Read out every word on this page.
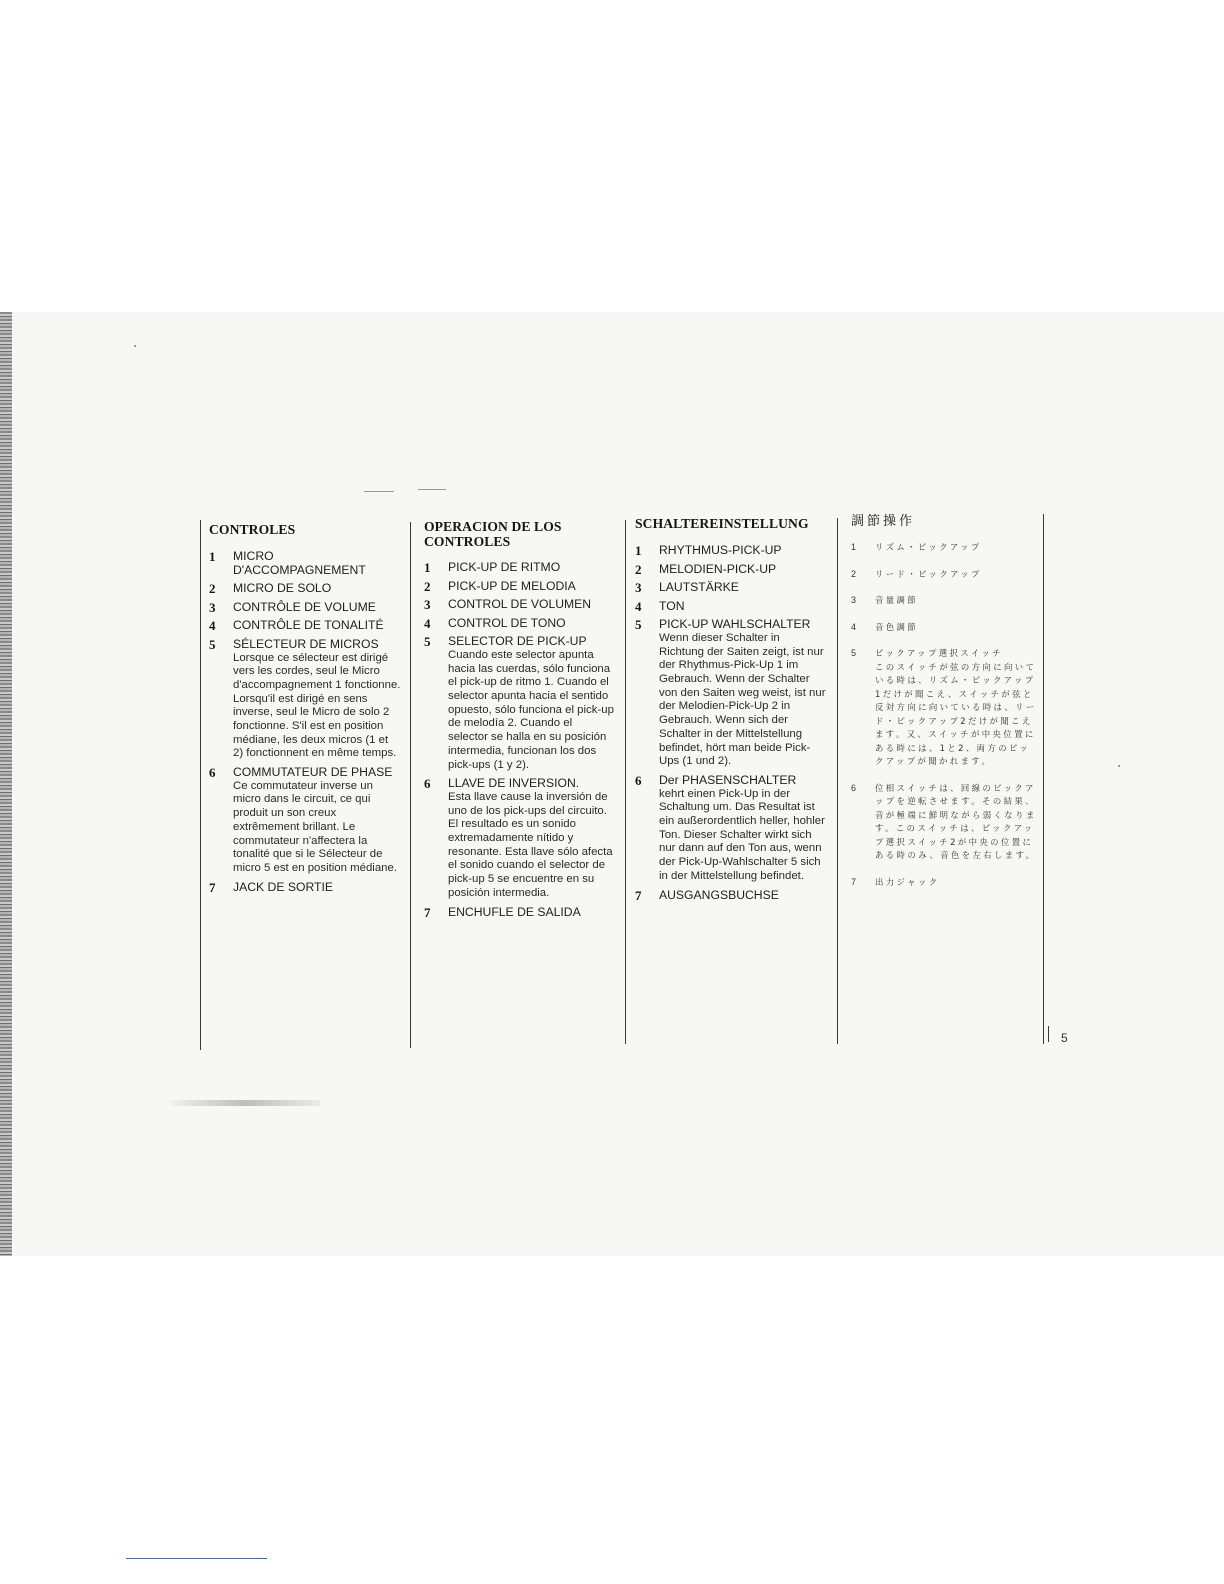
CONTROLES
1 MICRO D'ACCOMPAGNEMENT
2 MICRO DE SOLO
3 CONTRÔLE DE VOLUME
4 CONTRÔLE DE TONALITÉ
5 SÉLECTEUR DE MICROS
Lorsque ce sélecteur est dirigé vers les cordes, seul le Micro d'accompagnement 1 fonctionne. Lorsqu'il est dirigé en sens inverse, seul le Micro de solo 2 fonctionne. S'il est en position médiane, les deux micros (1 et 2) fonctionnent en même temps.
6 COMMUTATEUR DE PHASE
Ce commutateur inverse un micro dans le circuit, ce qui produit un son creux extrêmement brillant. Le commutateur n'affectera la tonalité que si le Sélecteur de micro 5 est en position médiane.
7 JACK DE SORTIE
OPERACION DE LOS CONTROLES
1 PICK-UP DE RITMO
2 PICK-UP DE MELODIA
3 CONTROL DE VOLUMEN
4 CONTROL DE TONO
5 SELECTOR DE PICK-UP
Cuando este selector apunta hacia las cuerdas, sólo funciona el pick-up de ritmo 1. Cuando el selector apunta hacia el sentido opuesto, sólo funciona el pick-up de melodía 2. Cuando el selector se halla en su posición intermedia, funcionan los dos pick-ups (1 y 2).
6 LLAVE DE INVERSION.
Esta llave cause la inversión de uno de los pick-ups del circuito. El resultado es un sonido extremadamente nítido y resonante. Esta llave sólo afecta el sonido cuando el selector de pick-up 5 se encuentre en su posición intermedia.
7 ENCHUFLE DE SALIDA
SCHALTEREINSTELLUNG
1 RHYTHMUS-PICK-UP
2 MELODIEN-PICK-UP
3 LAUTSTÄRKE
4 TON
5 PICK-UP WAHLSCHALTER
Wenn dieser Schalter in Richtung der Saiten zeigt, ist nur der Rhythmus-Pick-Up 1 im Gebrauch. Wenn der Schalter von den Saiten weg weist, ist nur der Melodien-Pick-Up 2 in Gebrauch. Wenn sich der Schalter in der Mittelstellung befindet, hört man beide Pick-Ups (1 und 2).
6 Der PHASENSCHALTER
kehrt einen Pick-Up in der Schaltung um. Das Resultat ist ein außerordentlich heller, hohler Ton. Dieser Schalter wirkt sich nur dann auf den Ton aus, wenn der Pick-Up-Wahlschalter 5 sich in der Mittelstellung befindet.
7 AUSGANGSBUCHSE
調節操作
1 リズム・ピックアップ
2 リード・ピックアップ
3 音量調節
4 音色調節
5 ピックアップ選択スイッチ
このスイッチが弦の方向に向いている時は、リズム・ピックアップ1だけが聞こえ、スイッチが弦と反対方向に向いている時は、リード・ピックアップ2だけが聞こえます。又、スイッチが中央位置にある時には、1と2、両方のピックアップが聞かれます。
6 位相スイッチは、回線のピックアップを逆転させます。その結果、音が極端に鮮明ながら弱くなります。このスイッチは、ピックアップ選択スイッチ2が中央の位置にある時のみ、音色を左右します。
7 出力ジャック
5
